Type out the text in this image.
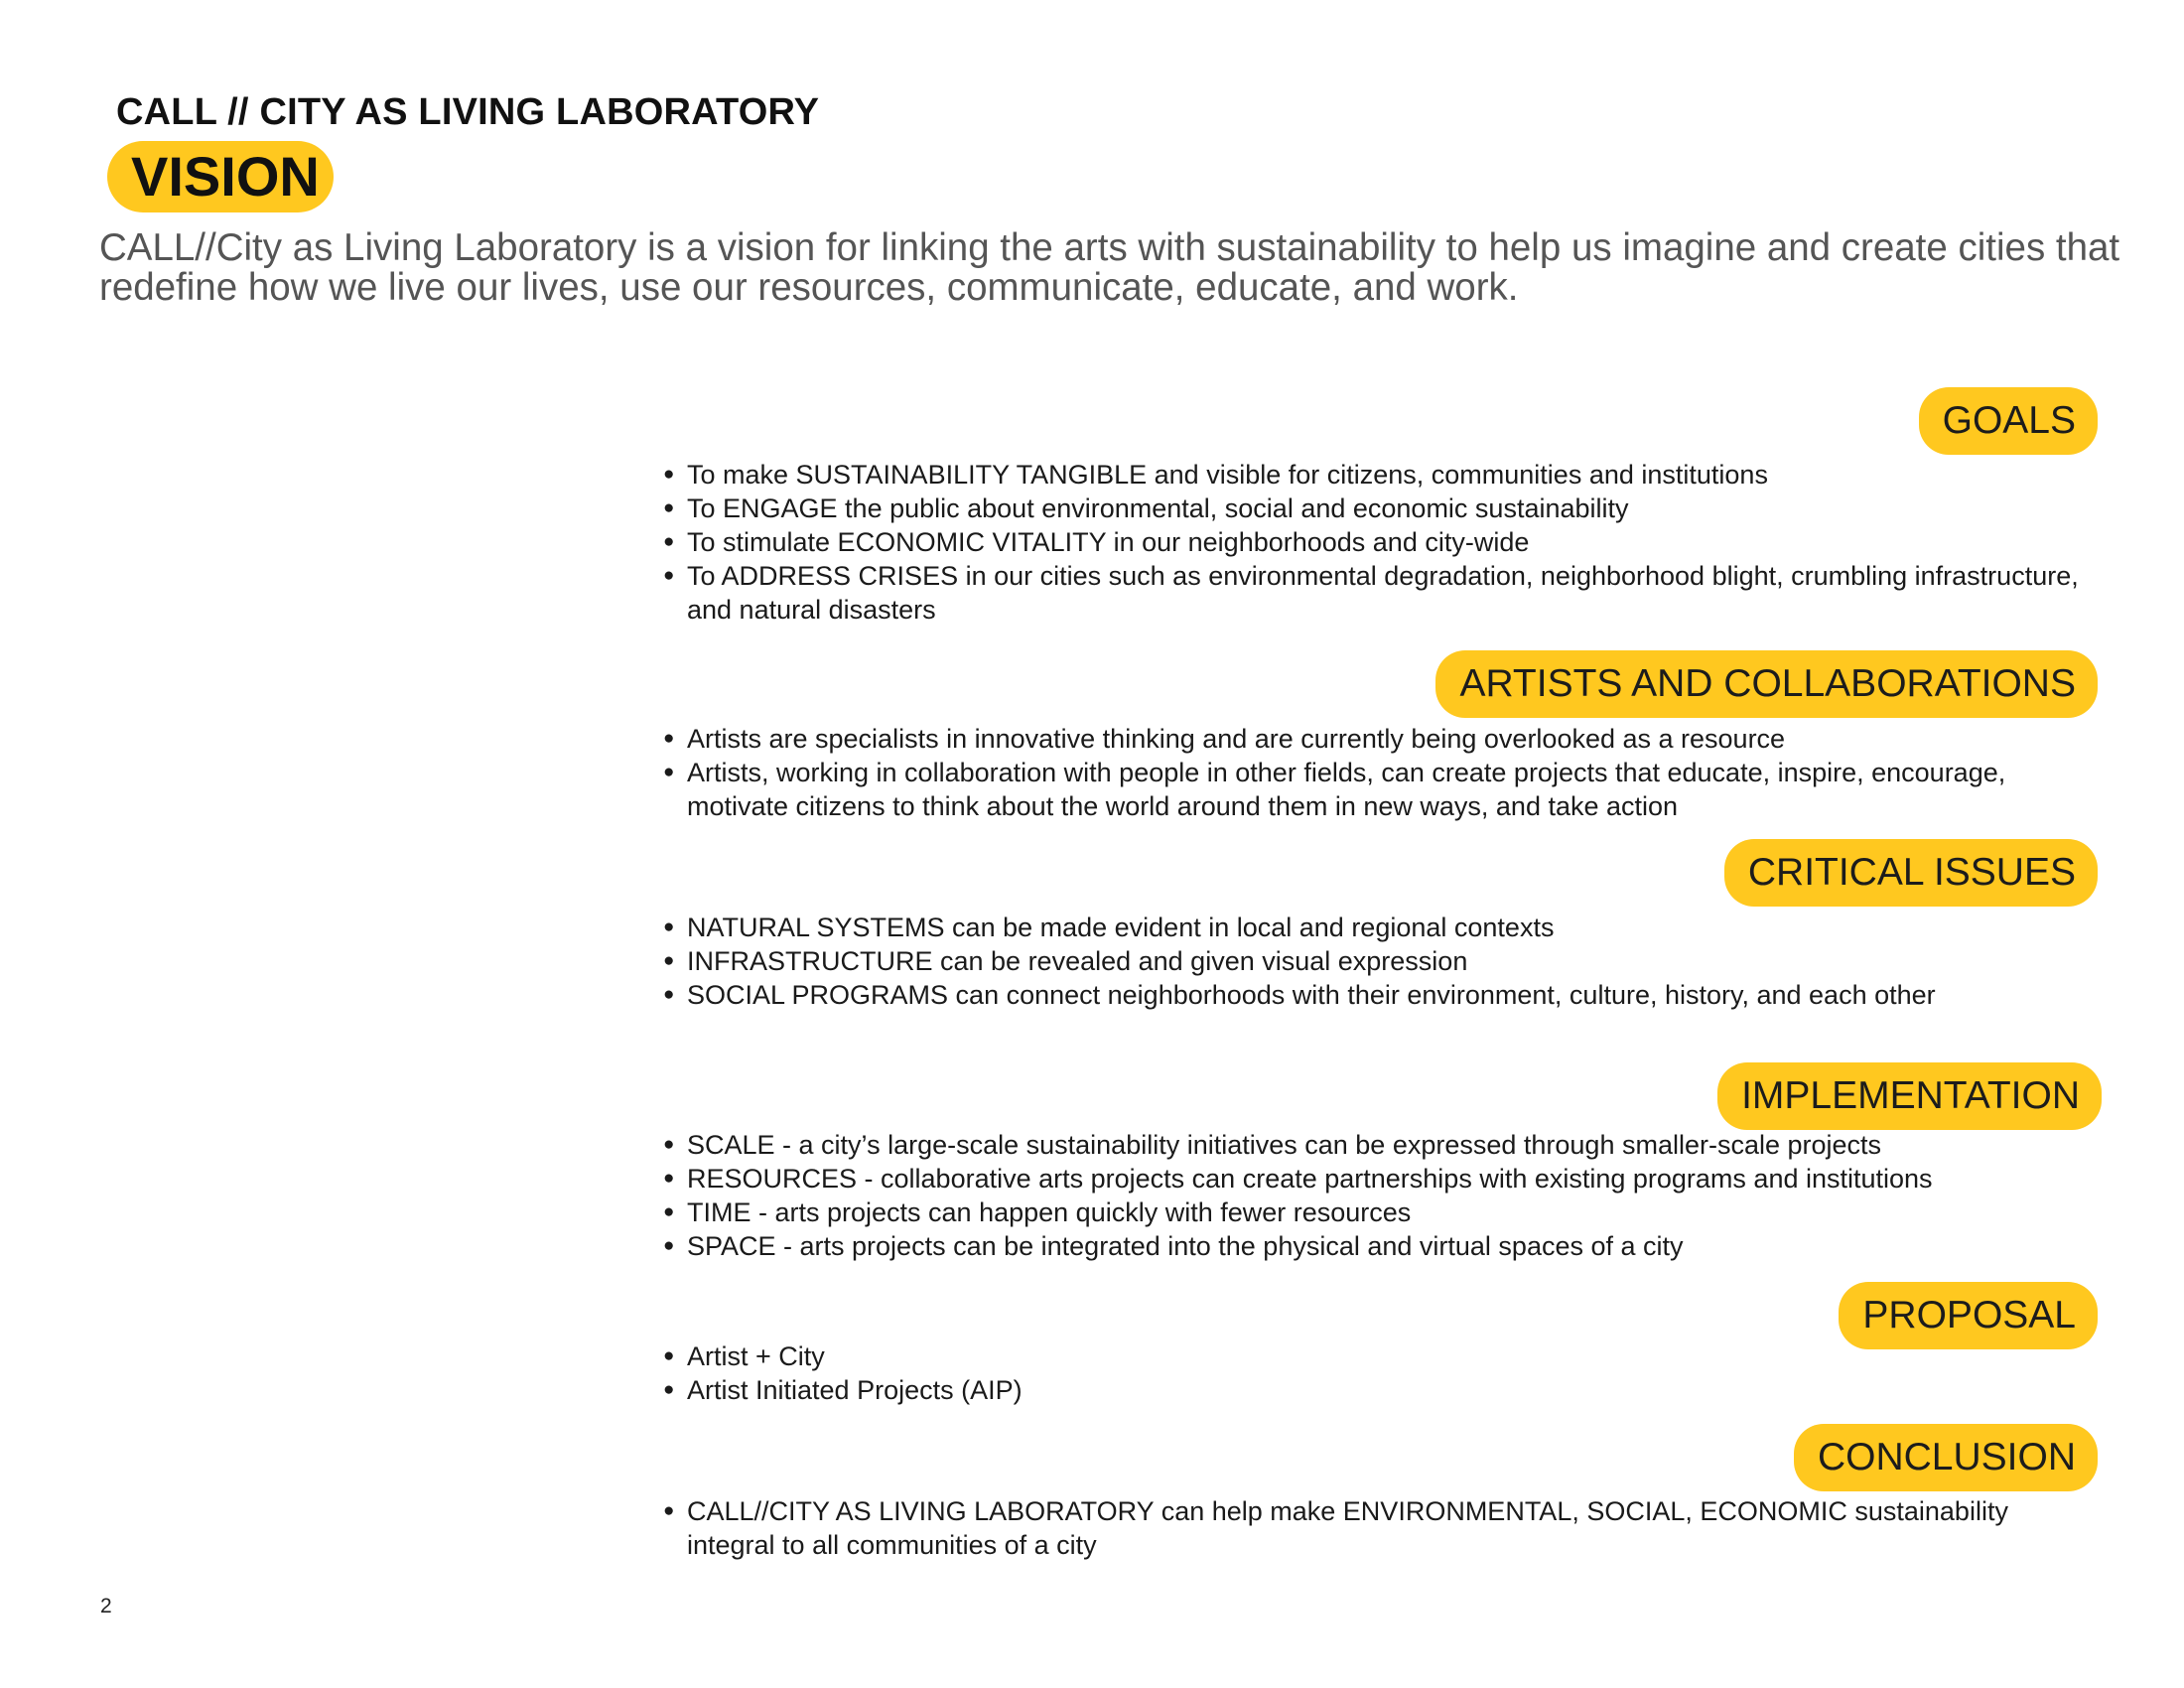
CALL // CITY AS LIVING LABORATORY
VISION
CALL//City as Living Laboratory is a vision for linking the arts with sustainability to help us imagine and create cities that redefine how we live our lives, use our resources, communicate, educate, and work.
GOALS
● To make SUSTAINABILITY TANGIBLE and visible for citizens, communities and institutions
● To ENGAGE the public about environmental, social and economic sustainability
● To stimulate ECONOMIC VITALITY in our neighborhoods and city-wide
● To ADDRESS CRISES in our cities such as environmental degradation, neighborhood blight, crumbling infrastructure, and natural disasters
ARTISTS AND COLLABORATIONS
● Artists are specialists in innovative thinking and are currently being overlooked as a resource
● Artists, working in collaboration with people in other fields, can create projects that educate, inspire, encourage, motivate citizens to think about the world around them in new ways, and take action
CRITICAL ISSUES
● NATURAL SYSTEMS can be made evident in local and regional contexts
● INFRASTRUCTURE can be revealed and given visual expression
● SOCIAL PROGRAMS can connect neighborhoods with their environment, culture, history, and each other
IMPLEMENTATION
● SCALE - a city’s large-scale sustainability initiatives can be expressed through smaller-scale projects
● RESOURCES - collaborative arts projects can create partnerships with existing programs and institutions
● TIME - arts projects can happen quickly with fewer resources
● SPACE - arts projects can be integrated into the physical and virtual spaces of a city
PROPOSAL
● Artist + City
● Artist Initiated Projects (AIP)
CONCLUSION
● CALL//CITY AS LIVING LABORATORY can help make ENVIRONMENTAL, SOCIAL, ECONOMIC sustainability integral to all communities of a city
2
